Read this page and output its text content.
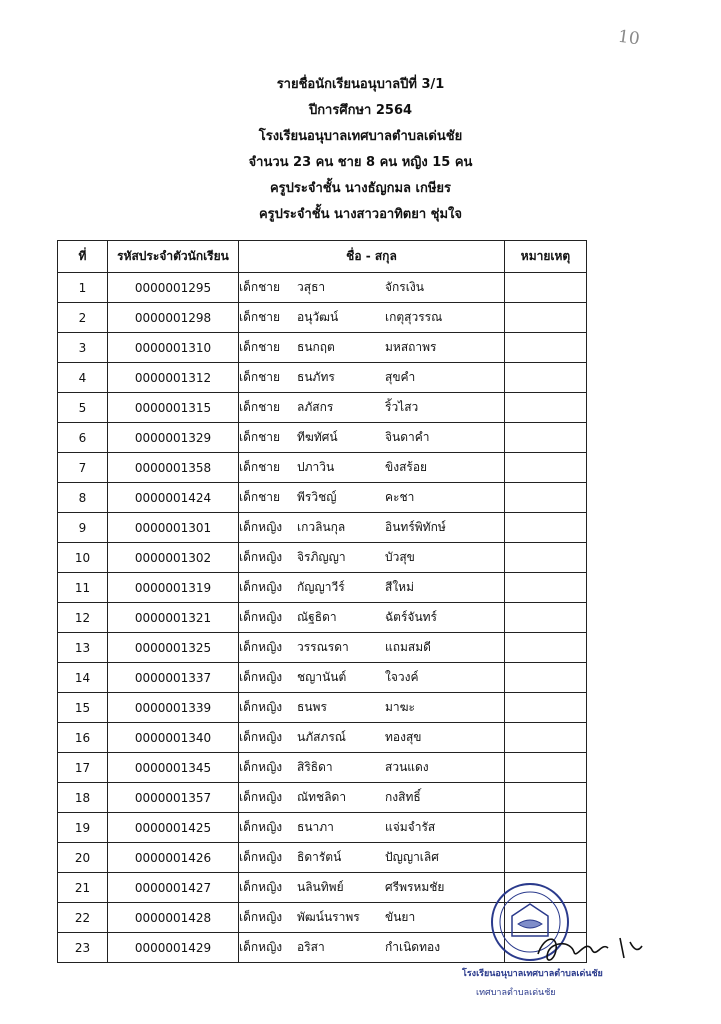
10
รายชื่อนักเรียนอนุบาลปีที่ 3/1
ปีการศึกษา 2564
โรงเรียนอนุบาลเทศบาลตำบลเด่นชัย
จำนวน 23 คน ชาย 8 คน หญิง 15 คน
ครูประจำชั้น นางธัญกมล เกษียร
ครูประจำชั้น นางสาวอาทิตยา ชุ่มใจ
ที่	รหัสประจำตัวนักเรียน	ชื่อ - สกุล	หมายเหตุ
1	0000001295	เด็กชาย วสุธา จักรเงิน	
2	0000001298	เด็กชาย อนุวัฒน์ เกตุสุวรรณ	
3	0000001310	เด็กชาย ธนกฤต มหสถาพร	
4	0000001312	เด็กชาย ธนภัทร สุขคำ	
5	0000001315	เด็กชาย ลภัสกร ริ้วไสว	
6	0000001329	เด็กชาย ทีฆทัศน์ จินดาคำ	
7	0000001358	เด็กชาย ปภาวิน ขิงสร้อย	
8	0000001424	เด็กชาย พีรวิชญ์ คะชา	
9	0000001301	เด็กหญิง เกวลินกุล อินทร์พิทักษ์	
10	0000001302	เด็กหญิง จิรภิญญา บัวสุข	
11	0000001319	เด็กหญิง กัญญาวีร์ สีใหม่	
12	0000001321	เด็กหญิง ณัฐธิดา ฉัตร์จันทร์	
13	0000001325	เด็กหญิง วรรณรดา แถมสมดี	
14	0000001337	เด็กหญิง ชญานันต์ ใจวงค์	
15	0000001339	เด็กหญิง ธนพร มาฆะ	
16	0000001340	เด็กหญิง นภัสภรณ์ ทองสุข	
17	0000001345	เด็กหญิง สิริธิดา สวนแดง	
18	0000001357	เด็กหญิง ณัทชลิดา กงสิทธิ์	
19	0000001425	เด็กหญิง ธนาภา แจ่มจำรัส	
20	0000001426	เด็กหญิง ธิดารัตน์ ปัญญาเลิศ	
21	0000001427	เด็กหญิง นลินทิพย์ ศรีพรหมชัย	
22	0000001428	เด็กหญิง พัฒน์นราพร ขันยา	
23	0000001429	เด็กหญิง อริสา กำเนิดทอง	
โรงเรียนอนุบาลเทศบาลตำบลเด่นชัย
เทศบาลตำบลเด่นชัย
